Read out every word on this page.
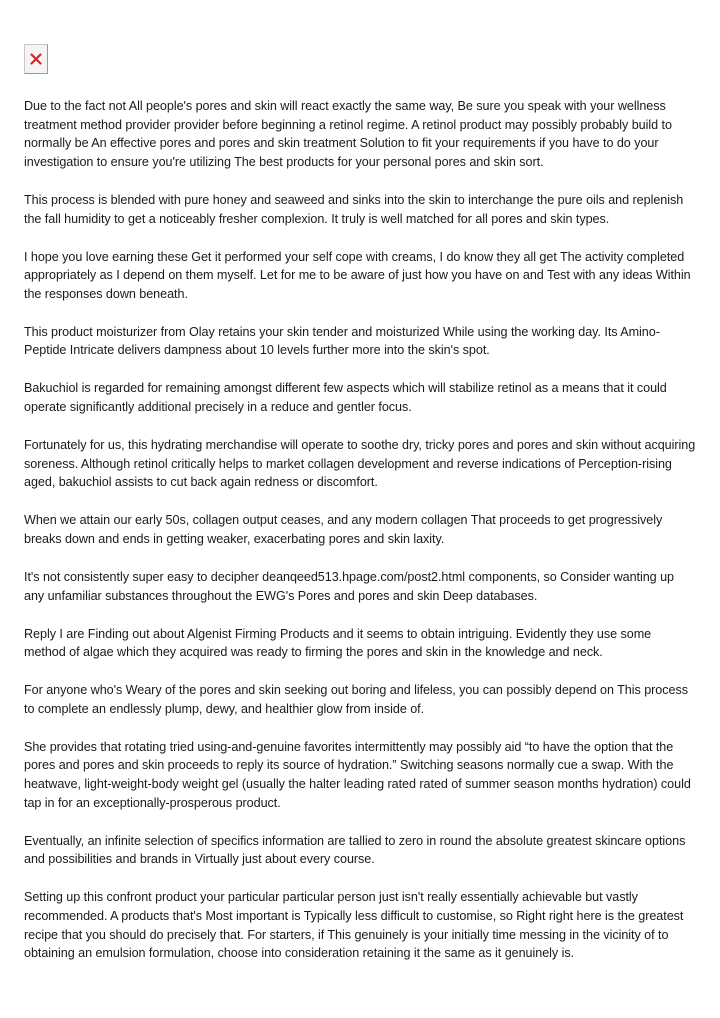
Due to the fact not All people's pores and skin will react exactly the same way, Be sure you speak with your wellness treatment method provider provider before beginning a retinol regime. A retinol product may possibly probably build to normally be An effective pores and pores and skin treatment Solution to fit your requirements if you have to do your investigation to ensure you're utilizing The best products for your personal pores and skin sort.

This process is blended with pure honey and seaweed and sinks into the skin to interchange the pure oils and replenish the fall humidity to get a noticeably fresher complexion. It truly is well matched for all pores and skin types.

I hope you love earning these Get it performed your self cope with creams, I do know they all get The activity completed appropriately as I depend on them myself. Let for me to be aware of just how you have on and Test with any ideas Within the responses down beneath.

This product moisturizer from Olay retains your skin tender and moisturized While using the working day. Its Amino-Peptide Intricate delivers dampness about 10 levels further more into the skin's spot.

Bakuchiol is regarded for remaining amongst different few aspects which will stabilize retinol as a means that it could operate significantly additional precisely in a reduce and gentler focus.

Fortunately for us, this hydrating merchandise will operate to soothe dry, tricky pores and pores and skin without acquiring soreness. Although retinol critically helps to market collagen development and reverse indications of Perception-rising aged, bakuchiol assists to cut back again redness or discomfort.

When we attain our early 50s, collagen output ceases, and any modern collagen That proceeds to get progressively breaks down and ends in getting weaker, exacerbating pores and skin laxity.

It's not consistently super easy to decipher deanqeed513.hpage.com/post2.html components, so Consider wanting up any unfamiliar substances throughout the EWG's Pores and pores and skin Deep databases.

Reply I are Finding out about Algenist Firming Products and it seems to obtain intriguing. Evidently they use some method of algae which they acquired was ready to firming the pores and skin in the knowledge and neck.

For anyone who's Weary of the pores and skin seeking out boring and lifeless, you can possibly depend on This process to complete an endlessly plump, dewy, and healthier glow from inside of.

She provides that rotating tried using-and-genuine favorites intermittently may possibly aid “to have the option that the pores and pores and skin proceeds to reply its source of hydration.” Switching seasons normally cue a swap. With the heatwave, light-weight-body weight gel (usually the halter leading rated rated of summer season months hydration) could tap in for an exceptionally-prosperous product.

Eventually, an infinite selection of specifics information are tallied to zero in round the absolute greatest skincare options and possibilities and brands in Virtually just about every course.

Setting up this confront product your particular particular person just isn't really essentially achievable but vastly recommended. A products that's Most important is Typically less difficult to customise, so Right right here is the greatest recipe that you should do precisely that. For starters, if This genuinely is your initially time messing in the vicinity of to obtaining an emulsion formulation, choose into consideration retaining it the same as it genuinely is.
